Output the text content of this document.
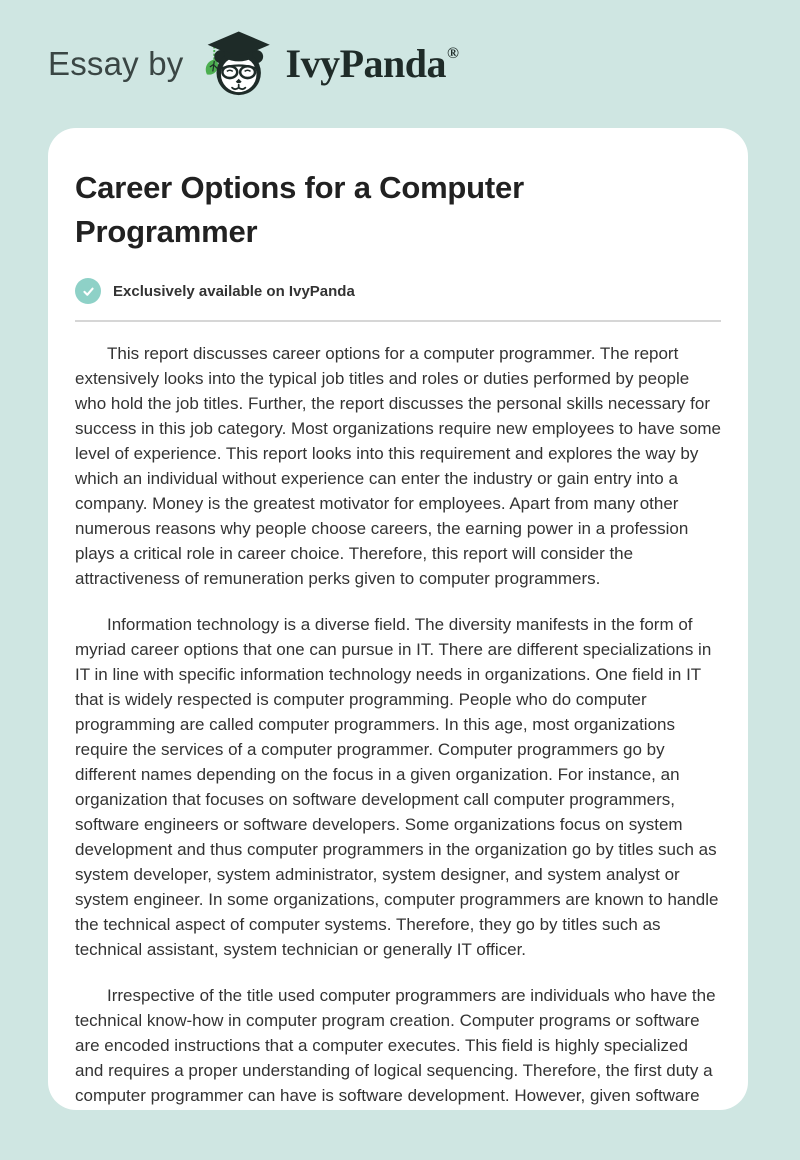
Essay by	IvyPanda®
Career Options for a Computer Programmer
Exclusively available on IvyPanda

This report discusses career options for a computer programmer. The report extensively looks into the typical job titles and roles or duties performed by people who hold the job titles. Further, the report discusses the personal skills necessary for success in this job category. Most organizations require new employees to have some level of experience. This report looks into this requirement and explores the way by which an individual without experience can enter the industry or gain entry into a company. Money is the greatest motivator for employees. Apart from many other numerous reasons why people choose careers, the earning power in a profession plays a critical role in career choice. Therefore, this report will consider the attractiveness of remuneration perks given to computer programmers.

Information technology is a diverse field. The diversity manifests in the form of myriad career options that one can pursue in IT. There are different specializations in IT in line with specific information technology needs in organizations. One field in IT that is widely respected is computer programming. People who do computer programming are called computer programmers. In this age, most organizations require the services of a computer programmer. Computer programmers go by different names depending on the focus in a given organization. For instance, an organization that focuses on software development call computer programmers, software engineers or software developers. Some organizations focus on system development and thus computer programmers in the organization go by titles such as system developer, system administrator, system designer, and system analyst or system engineer. In some organizations, computer programmers are known to handle the technical aspect of computer systems. Therefore, they go by titles such as technical assistant, system technician or generally IT officer.

Irrespective of the title used computer programmers are individuals who have the technical know-how in computer program creation. Computer programs or software are encoded instructions that a computer executes. This field is highly specialized and requires a proper understanding of logical sequencing. Therefore, the first duty a computer programmer can have is software development. However, given software
